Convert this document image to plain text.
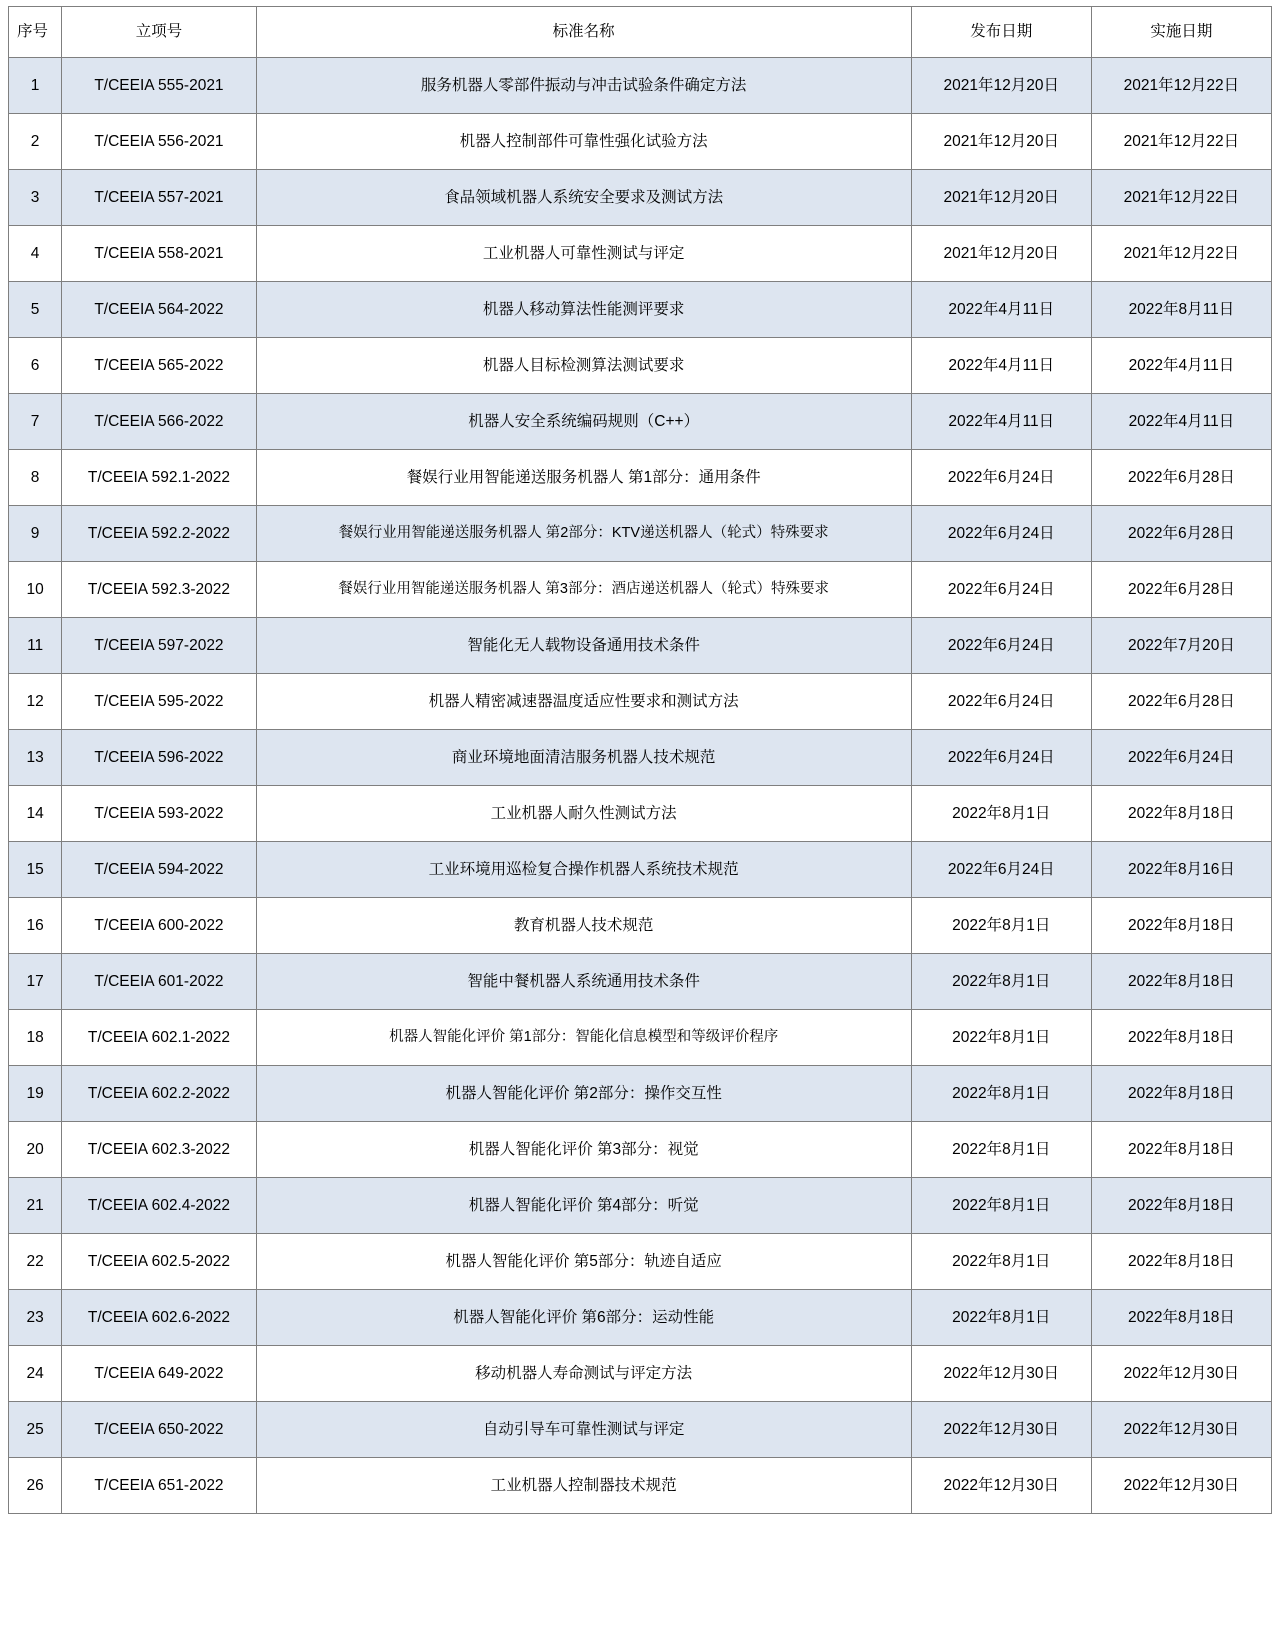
序号	立项号	标准名称	发布日期	实施日期
1	T/CEEIA 555-2021	服务机器人零部件振动与冲击试验条件确定方法	2021年12月20日	2021年12月22日
2	T/CEEIA 556-2021	机器人控制部件可靠性强化试验方法	2021年12月20日	2021年12月22日
3	T/CEEIA 557-2021	食品领域机器人系统安全要求及测试方法	2021年12月20日	2021年12月22日
4	T/CEEIA 558-2021	工业机器人可靠性测试与评定	2021年12月20日	2021年12月22日
5	T/CEEIA 564-2022	机器人移动算法性能测评要求	2022年4月11日	2022年8月11日
6	T/CEEIA 565-2022	机器人目标检测算法测试要求	2022年4月11日	2022年4月11日
7	T/CEEIA 566-2022	机器人安全系统编码规则（C++）	2022年4月11日	2022年4月11日
8	T/CEEIA 592.1-2022	餐娱行业用智能递送服务机器人 第1部分：通用条件	2022年6月24日	2022年6月28日
9	T/CEEIA 592.2-2022	餐娱行业用智能递送服务机器人 第2部分：KTV递送机器人（轮式）特殊要求	2022年6月24日	2022年6月28日
10	T/CEEIA 592.3-2022	餐娱行业用智能递送服务机器人 第3部分：酒店递送机器人（轮式）特殊要求	2022年6月24日	2022年6月28日
11	T/CEEIA 597-2022	智能化无人载物设备通用技术条件	2022年6月24日	2022年7月20日
12	T/CEEIA 595-2022	机器人精密减速器温度适应性要求和测试方法	2022年6月24日	2022年6月28日
13	T/CEEIA 596-2022	商业环境地面清洁服务机器人技术规范	2022年6月24日	2022年6月24日
14	T/CEEIA 593-2022	工业机器人耐久性测试方法	2022年8月1日	2022年8月18日
15	T/CEEIA 594-2022	工业环境用巡检复合操作机器人系统技术规范	2022年6月24日	2022年8月16日
16	T/CEEIA 600-2022	教育机器人技术规范	2022年8月1日	2022年8月18日
17	T/CEEIA 601-2022	智能中餐机器人系统通用技术条件	2022年8月1日	2022年8月18日
18	T/CEEIA 602.1-2022	机器人智能化评价 第1部分：智能化信息模型和等级评价程序	2022年8月1日	2022年8月18日
19	T/CEEIA 602.2-2022	机器人智能化评价 第2部分：操作交互性	2022年8月1日	2022年8月18日
20	T/CEEIA 602.3-2022	机器人智能化评价 第3部分：视觉	2022年8月1日	2022年8月18日
21	T/CEEIA 602.4-2022	机器人智能化评价 第4部分：听觉	2022年8月1日	2022年8月18日
22	T/CEEIA 602.5-2022	机器人智能化评价 第5部分：轨迹自适应	2022年8月1日	2022年8月18日
23	T/CEEIA 602.6-2022	机器人智能化评价 第6部分：运动性能	2022年8月1日	2022年8月18日
24	T/CEEIA 649-2022	移动机器人寿命测试与评定方法	2022年12月30日	2022年12月30日
25	T/CEEIA 650-2022	自动引导车可靠性测试与评定	2022年12月30日	2022年12月30日
26	T/CEEIA 651-2022	工业机器人控制器技术规范	2022年12月30日	2022年12月30日
